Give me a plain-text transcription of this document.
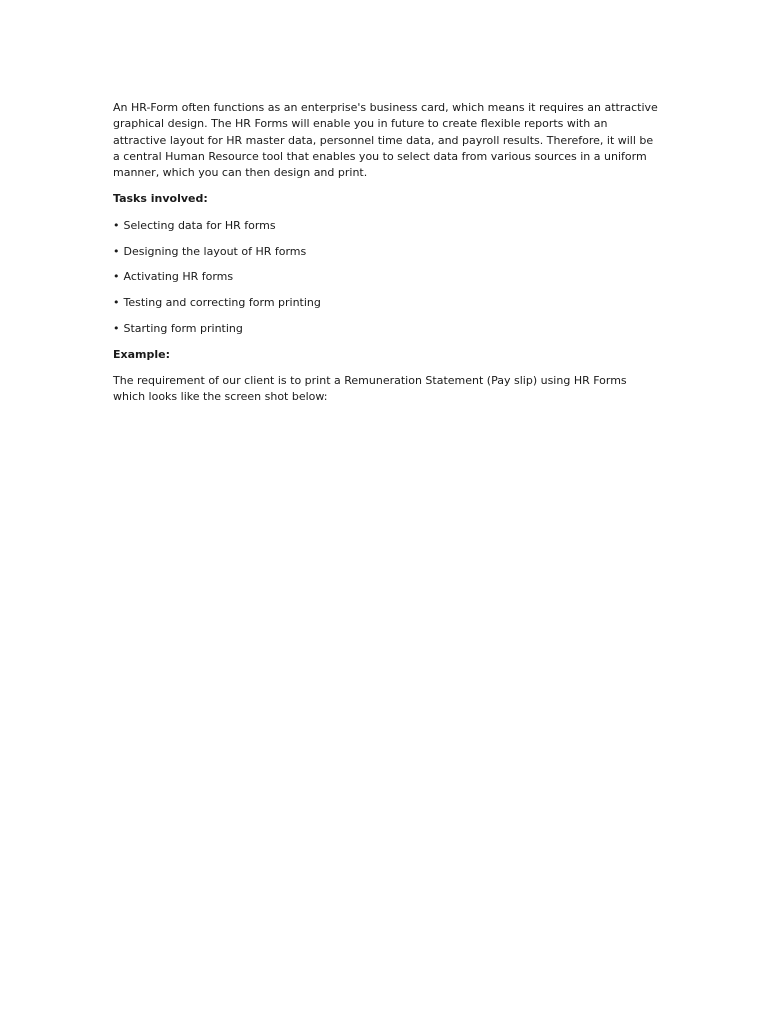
An HR-Form often functions as an enterprise's business card, which means it requires an attractive graphical design. The HR Forms will enable you in future to create flexible reports with an attractive layout for HR master data, personnel time data, and payroll results. Therefore, it will be a central Human Resource tool that enables you to select data from various sources in a uniform manner, which you can then design and print.

Tasks involved:

• Selecting data for HR forms

• Designing the layout of HR forms

• Activating HR forms

• Testing and correcting form printing

• Starting form printing

Example:

The requirement of our client is to print a Remuneration Statement (Pay slip) using HR Forms which looks like the screen shot below:
